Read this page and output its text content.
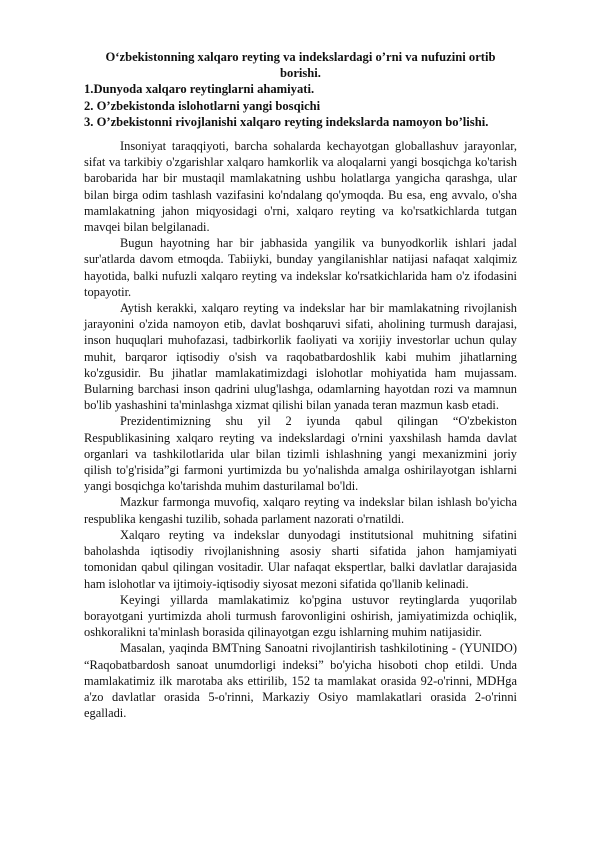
O‘zbekistonning xalqaro reyting va indekslardagi o’rni va nufuzini ortib borishi.
1.Dunyoda xalqaro reytinglarni ahamiyati.
2. O’zbekistonda islohotlarni yangi bosqichi
3. O’zbekistonni rivojlanishi xalqaro reyting indekslarda namoyon bo’lishi.

Insoniyat taraqqiyoti, barcha sohalarda kechayotgan globallashuv jarayonlar, sifat va tarkibiy o'zgarishlar xalqaro hamkorlik va aloqalarni yangi bosqichga ko'tarish barobarida har bir mustaqil mamlakatning ushbu holatlarga yangicha qarashga, ular bilan birga odim tashlash vazifasini ko'ndalang qo'ymoqda. Bu esa, eng avvalo, o'sha mamlakatning jahon miqyosidagi o'rni, xalqaro reyting va ko'rsatkichlarda tutgan mavqei bilan belgilanadi.

Bugun hayotning har bir jabhasida yangilik va bunyodkorlik ishlari jadal sur'atlarda davom etmoqda. Tabiiyki, bunday yangilanishlar natijasi nafaqat xalqimiz hayotida, balki nufuzli xalqaro reyting va indekslar ko'rsatkichlarida ham o'z ifodasini topayotir.

Aytish kerakki, xalqaro reyting va indekslar har bir mamlakatning rivojlanish jarayonini o'zida namoyon etib, davlat boshqaruvi sifati, aholining turmush darajasi, inson huquqlari muhofazasi, tadbirkorlik faoliyati va xorijiy investorlar uchun qulay muhit, barqaror iqtisodiy o'sish va raqobatbardoshlik kabi muhim jihatlarning ko'zgusidir. Bu jihatlar mamlakatimizdagi islohotlar mohiyatida ham mujassam. Bularning barchasi inson qadrini ulug'lashga, odamlarning hayotdan rozi va mamnun bo'lib yashashini ta'minlashga xizmat qilishi bilan yanada teran mazmun kasb etadi.

Prezidentimizning shu yil 2 iyunda qabul qilingan “O'zbekiston Respublikasining xalqaro reyting va indekslardagi o'rnini yaxshilash hamda davlat organlari va tashkilotlarida ular bilan tizimli ishlashning yangi mexanizmini joriy qilish to'g'risida”gi farmoni yurtimizda bu yo'nalishda amalga oshirilayotgan ishlarni yangi bosqichga ko'tarishda muhim dasturilamal bo'ldi.

Mazkur farmonga muvofiq, xalqaro reyting va indekslar bilan ishlash bo'yicha respublika kengashi tuzilib, sohada parlament nazorati o'rnatildi.

Xalqaro reyting va indekslar dunyodagi institutsional muhitning sifatini baholashda iqtisodiy rivojlanishning asosiy sharti sifatida jahon hamjamiyati tomonidan qabul qilingan vositadir. Ular nafaqat ekspertlar, balki davlatlar darajasida ham islohotlar va ijtimoiy-iqtisodiy siyosat mezoni sifatida qo'llanib kelinadi.

Keyingi yillarda mamlakatimiz ko'pgina ustuvor reytinglarda yuqorilab borayotgani yurtimizda aholi turmush farovonligini oshirish, jamiyatimizda ochiqlik, oshkoralikni ta'minlash borasida qilinayotgan ezgu ishlarning muhim natijasidir.

Masalan, yaqinda BMTning Sanoatni rivojlantirish tashkilotining - (YUNIDO) “Raqobatbardosh sanoat unumdorligi indeksi” bo'yicha hisoboti chop etildi. Unda mamlakatimiz ilk marotaba aks ettirilib, 152 ta mamlakat orasida 92-o'rinni, MDHga a'zo davlatlar orasida 5-o'rinni, Markaziy Osiyo mamlakatlari orasida 2-o'rinni egalladi.
